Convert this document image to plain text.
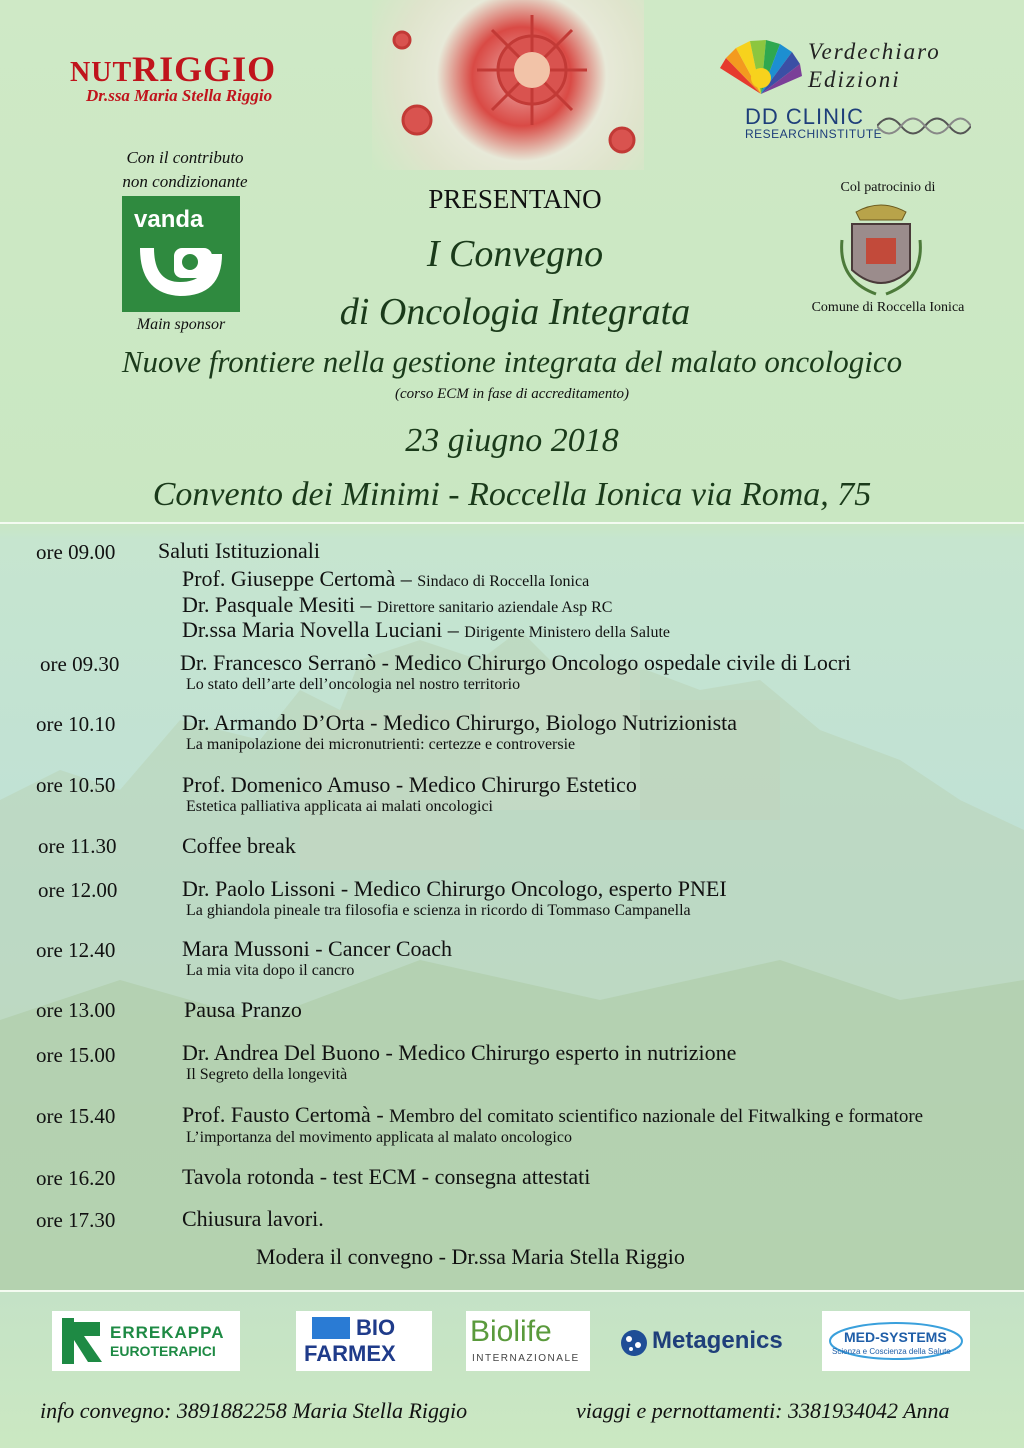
NUTRIGGIO
Dr.ssa Maria Stella Riggio
Con il contributo
non condizionante
vanda
Main sponsor
Verdechiaro
Edizioni
DD CLINIC
RESEARCHINSTITUTE
Col patrocinio di
Comune di Roccella Ionica
PRESENTANO
I Convegno
di Oncologia Integrata
Nuove frontiere nella gestione integrata del malato oncologico
(corso ECM in fase di accreditamento)
23 giugno 2018
Convento dei Minimi - Roccella Ionica via Roma, 75
ore 09.00 Saluti Istituzionali
Prof. Giuseppe Certomà – Sindaco di Roccella Ionica
Dr. Pasquale Mesiti – Direttore sanitario aziendale Asp RC
Dr.ssa Maria Novella Luciani – Dirigente Ministero della Salute
ore 09.30	Dr. Francesco Serranò - Medico Chirurgo Oncologo ospedale civile di Locri
Lo stato dell’arte dell’oncologia nel nostro territorio
ore 10.10	Dr. Armando D’Orta - Medico Chirurgo, Biologo Nutrizionista
La manipolazione dei micronutrienti: certezze e controversie
ore 10.50	Prof. Domenico Amuso - Medico Chirurgo Estetico
Estetica palliativa applicata ai malati oncologici
ore 11.30	Coffee break
ore 12.00	Dr. Paolo Lissoni - Medico Chirurgo Oncologo, esperto PNEI
La ghiandola pineale tra filosofia e scienza in ricordo di Tommaso Campanella
ore 12.40	Mara Mussoni - Cancer Coach
La mia vita dopo il cancro
ore 13.00	Pausa Pranzo
ore 15.00	Dr. Andrea Del Buono - Medico Chirurgo esperto in nutrizione
Il Segreto della longevità
ore 15.40	Prof. Fausto Certomà - Membro del comitato scientifico nazionale del Fitwalking e formatore
L’importanza del movimento applicata al malato oncologico
ore 16.20	Tavola rotonda - test ECM - consegna attestati
ore 17.30	Chiusura lavori.
Modera il convegno - Dr.ssa Maria Stella Riggio
ERREKAPPA
EUROTERAPICI
BIO
FARMEX
Biolife
INTERNAZIONALE
Metagenics	MED-SYSTEMS
Scienza e Coscienza della Salute
info convegno: 3891882258 Maria Stella Riggio	viaggi e pernottamenti: 3381934042 Anna
